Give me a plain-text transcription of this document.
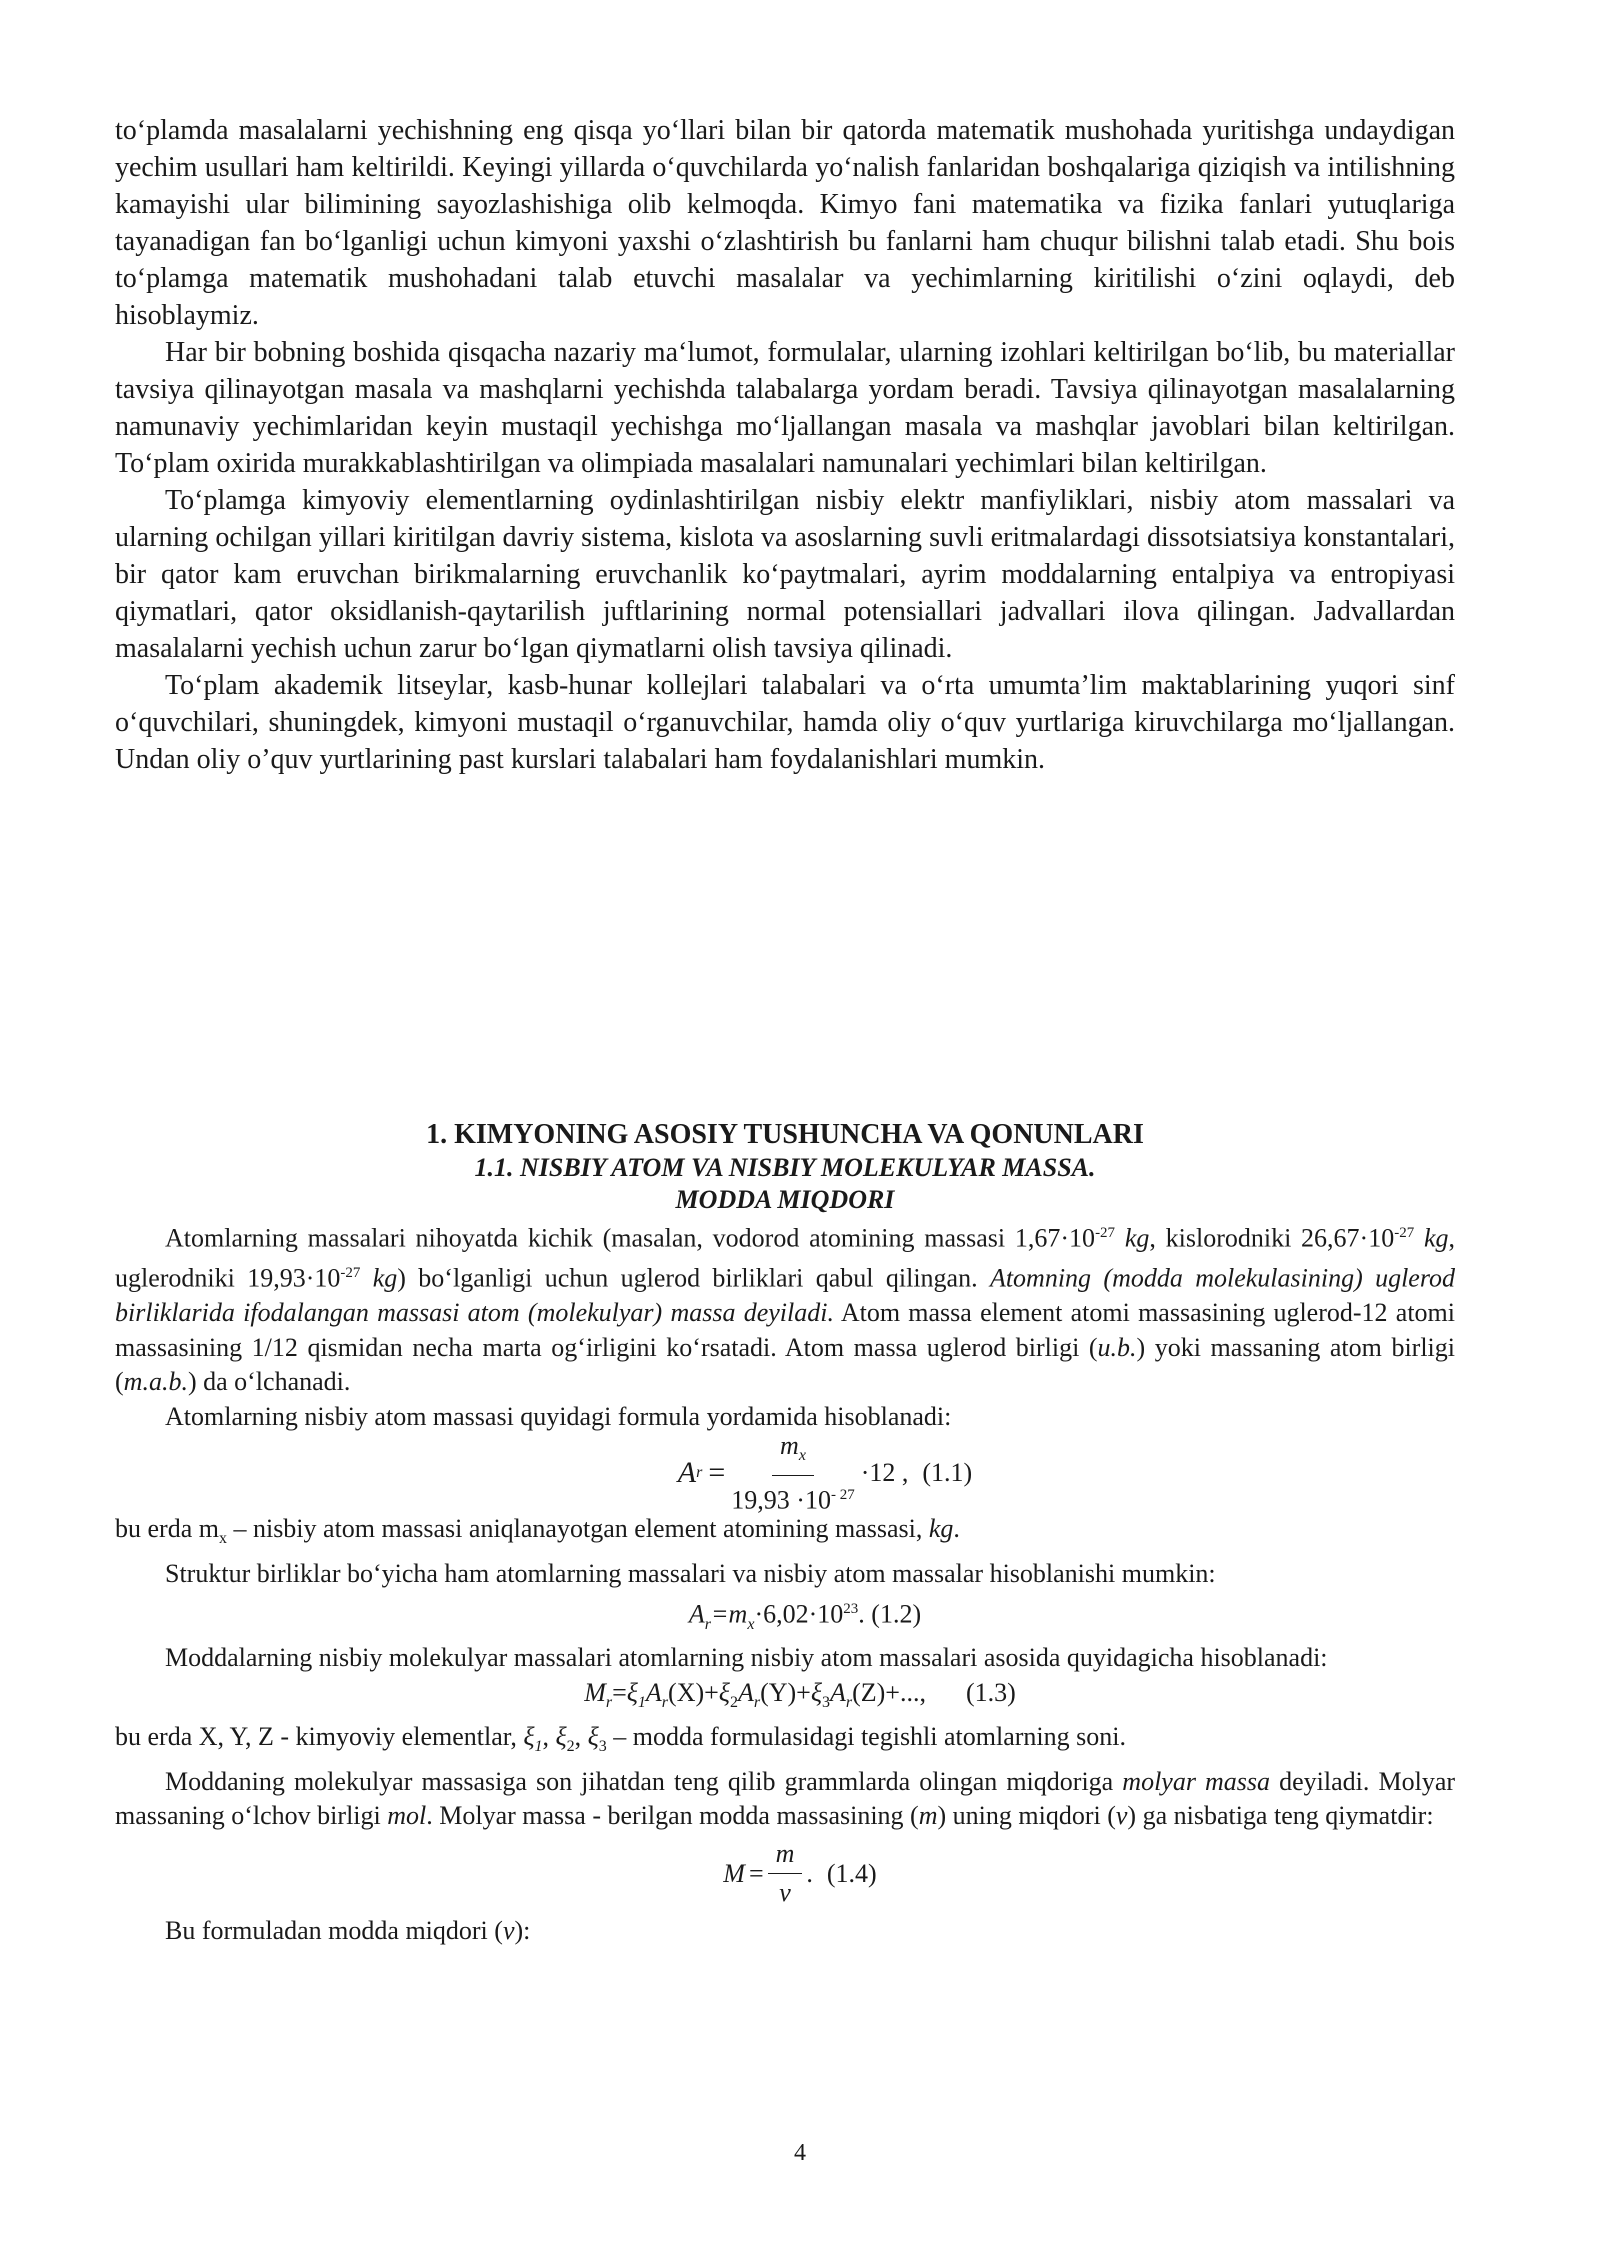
to‘plamda masalalarni yechishning eng qisqa yo‘llari bilan bir qatorda matematik mushohada yuritishga undaydigan yechim usullari ham keltirildi. Keyingi yillarda o‘quvchilarda yo‘nalish fanlaridan boshqalariga qiziqish va intilishning kamayishi ular bilimining sayozlashishiga olib kelmoqda. Kimyo fani matematika va fizika fanlari yutuqlariga tayanadigan fan bo‘lganligi uchun kimyoni yaxshi o‘zlashtirish bu fanlarni ham chuqur bilishni talab etadi. Shu bois to‘plamga matematik mushohadani talab etuvchi masalalar va yechimlarning kiritilishi o‘zini oqlaydi, deb hisoblaymiz.

Har bir bobning boshida qisqacha nazariy ma‘lumot, formulalar, ularning izohlari keltirilgan bo‘lib, bu materiallar tavsiya qilinayotgan masala va mashqlarni yechishda talabalarga yordam beradi. Tavsiya qilinayotgan masalalarning namunaviy yechimlaridan keyin mustaqil yechishga mo‘ljallangan masala va mashqlar javoblari bilan keltirilgan. To‘plam oxirida murakkablashtirilgan va olimpiada masalalari namunalari yechimlari bilan keltirilgan.

To‘plamga kimyoviy elementlarning oydinlashtirilgan nisbiy elektr manfiyliklari, nisbiy atom massalari va ularning ochilgan yillari kiritilgan davriy sistema, kislota va asoslarning suvli eritmalardagi dissotsiatsiya konstantalari, bir qator kam eruvchan birikmalarning eruvchanlik ko‘paytmalari, ayrim moddalarning entalpiya va entropiyasi qiymatlari, qator oksidlanish-qaytarilish juftlarining normal potensiallari jadvallari ilova qilingan. Jadvallardan masalalarni yechish uchun zarur bo‘lgan qiymatlarni olish tavsiya qilinadi.

To‘plam akademik litseylar, kasb-hunar kollejlari talabalari va o‘rta umumta’lim maktablarining yuqori sinf o‘quvchilari, shuningdek, kimyoni mustaqil o‘rganuvchilar, hamda oliy o‘quv yurtlariga kiruvchilarga mo‘ljallangan. Undan oliy o’quv yurtlarining past kurslari talabalari ham foydalanishlari mumkin.

1. KIMYONING ASOSIY TUSHUNCHA VA QONUNLARI

1.1. NISBIY ATOM VA NISBIY MOLEKULYAR MASSA.

MODDA MIQDORI

Atomlarning massalari nihoyatda kichik (masalan, vodorod atomining massasi $1,67\cdot 10^{-27}$ kg, kislorodniki $26,67\cdot 10^{-27}$ kg, uglerodniki $19,93\cdot 10^{-27}$ kg) bo‘lganligi uchun uglerod birliklari qabul qilingan. Atomning (modda molekulasining) uglerod birliklarida ifodalangan massasi atom (molekulyar) massa deyiladi. Atom massa element atomi massasining uglerod-12 atomi massasining 1/12 qismidan necha marta og‘irligini ko‘rsatadi. Atom massa uglerod birligi (u.b.) yoki massaning atom birligi (m.a.b.) da o‘lchanadi.

Atomlarning nisbiy atom massasi quyidagi formula yordamida hisoblanadi:

A $r = \frac{m_x}{19,93 \cdot 10^{- 27}} \cdot 12$ , (1.1)

bu erda $m_x$ – nisbiy atom massasi aniqlanayotgan element atomining massasi, kg.

Struktur birliklar bo‘yicha ham atomlarning massalari va nisbiy atom massalar hisoblanishi mumkin:

$A_r=m_x\cdot 6,02\cdot 10^{23}$. (1.2)

Moddalarning nisbiy molekulyar massalari atomlarning nisbiy atom massalari asosida quyidagicha hisoblanadi:

$M_r=\xi_1A_r(X)+\xi_2A_r(Y)+\xi_3A_r(Z)+$..., (1.3)

bu erda X, Y, Z - kimyoviy elementlar, $\xi_1$, $\xi_2$, $\xi_3$ – modda formulasidagi tegishli atomlarning soni.

Moddaning molekulyar massasiga son jihatdan teng qilib grammlarda olingan miqdoriga molyar massa deyiladi. Molyar massaning o‘lchov birligi mol. Molyar massa - berilgan modda massasining (m) uning miqdori (v) ga nisbatiga teng qiymatdir:

$M = \frac{m}{v}$ . (1.4)

Bu formuladan modda miqdori (v):

4
